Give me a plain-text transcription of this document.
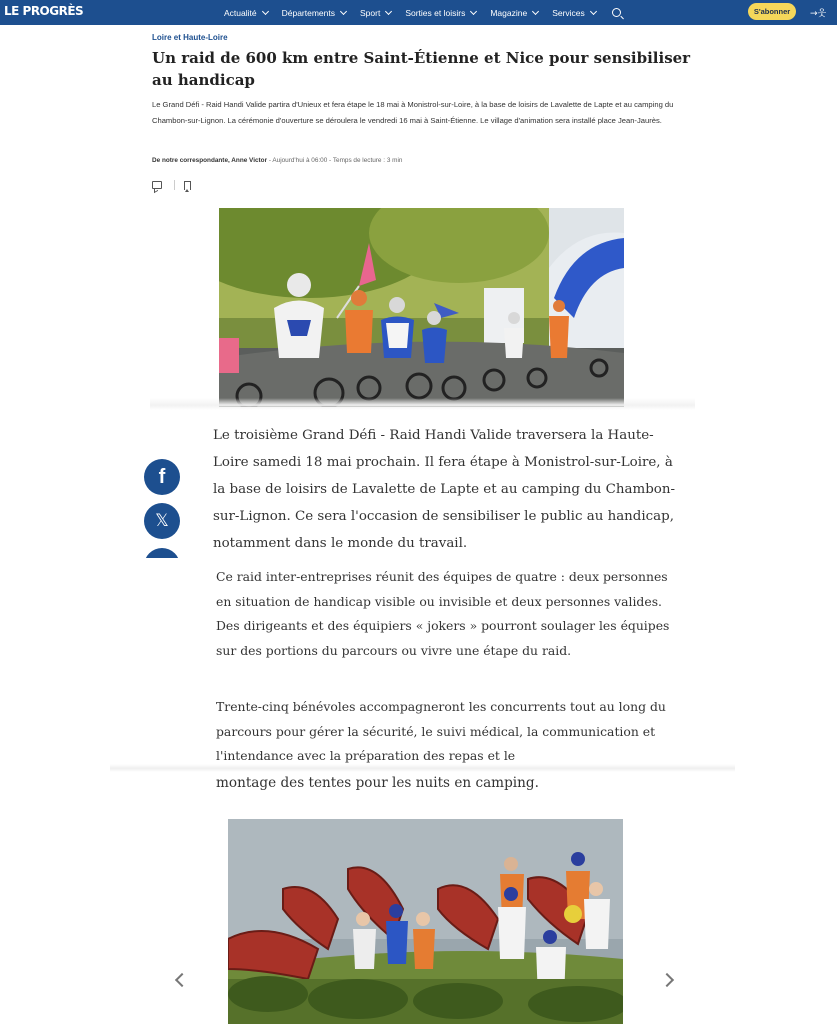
LE PROGRÈS	Actualité	Départements	Sport	Sorties et loisirs	Magazine	Services	S'abonner	→웃
Loire et Haute-Loire
Un raid de 600 km entre Saint-Étienne et Nice pour sensibiliser au handicap

Le Grand Défi - Raid Handi Valide partira d'Unieux et fera étape le 18 mai à Monistrol-sur-Loire, à la base de loisirs de Lavalette de Lapte et au camping du Chambon-sur-Lignon. La cérémonie d'ouverture se déroulera le vendredi 16 mai à Saint-Étienne. Le village d'animation sera installé place Jean-Jaurès.

De notre correspondante, Anne Victor - Aujourd'hui à 06:00 - Temps de lecture : 3 min
f
𝕏

Le troisième Grand Défi - Raid Handi Valide traversera la Haute-Loire samedi 18 mai prochain. Il fera étape à Monistrol-sur-Loire, à la base de loisirs de Lavalette de Lapte et au camping du Chambon-sur-Lignon. Ce sera l'occasion de sensibiliser le public au handicap, notamment dans le monde du travail.

Ce raid inter-entreprises réunit des équipes de quatre : deux personnes en situation de handicap visible ou invisible et deux personnes valides. Des dirigeants et des équipiers « jokers » pourront soulager les équipes sur des portions du parcours ou vivre une étape du raid.

Trente-cinq bénévoles accompagneront les concurrents tout au long du parcours pour gérer la sécurité, le suivi médical, la communication et l'intendance avec la préparation des repas et le
montage des tentes pour les nuits en camping.
